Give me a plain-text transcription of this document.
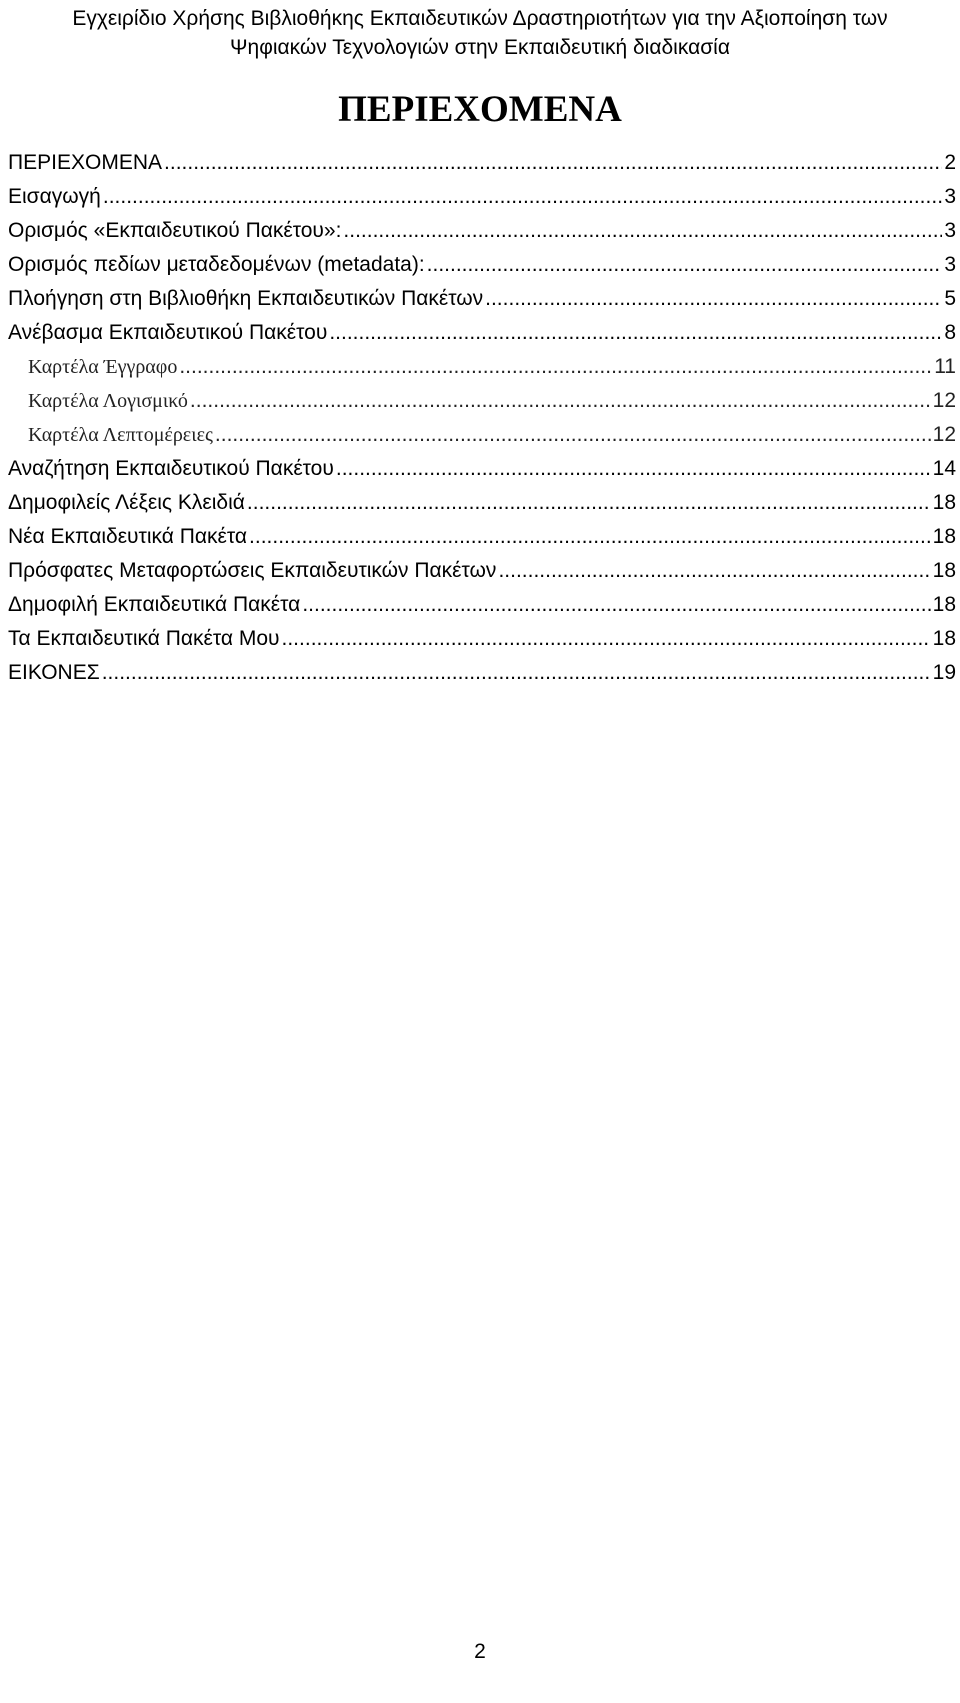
Εγχειρίδιο Χρήσης Βιβλιοθήκης Εκπαιδευτικών Δραστηριοτήτων για την Αξιοποίηση των
Ψηφιακών Τεχνολογιών στην Εκπαιδευτική διαδικασία
ΠΕΡΙΕΧΟΜΕΝΑ
ΠΕΡΙΕΧΟΜΕΝΑ .....	2
Εισαγωγή .....	3
Ορισμός «Εκπαιδευτικού Πακέτου»: .....	3
Ορισμός πεδίων μεταδεδομένων (metadata): .....	3
Πλοήγηση στη Βιβλιοθήκη Εκπαιδευτικών Πακέτων .....	5
Ανέβασμα Εκπαιδευτικού Πακέτου .....	8
Καρτέλα Έγγραφο .....	11
Καρτέλα Λογισμικό .....	12
Καρτέλα Λεπτομέρειες .....	12
Αναζήτηση Εκπαιδευτικού Πακέτου .....	14
Δημοφιλείς Λέξεις Κλειδιά .....	18
Νέα Εκπαιδευτικά Πακέτα .....	18
Πρόσφατες Μεταφορτώσεις Εκπαιδευτικών Πακέτων .....	18
Δημοφιλή Εκπαιδευτικά Πακέτα .....	18
Τα Εκπαιδευτικά Πακέτα Μου .....	18
ΕΙΚΟΝΕΣ .....	19
2
